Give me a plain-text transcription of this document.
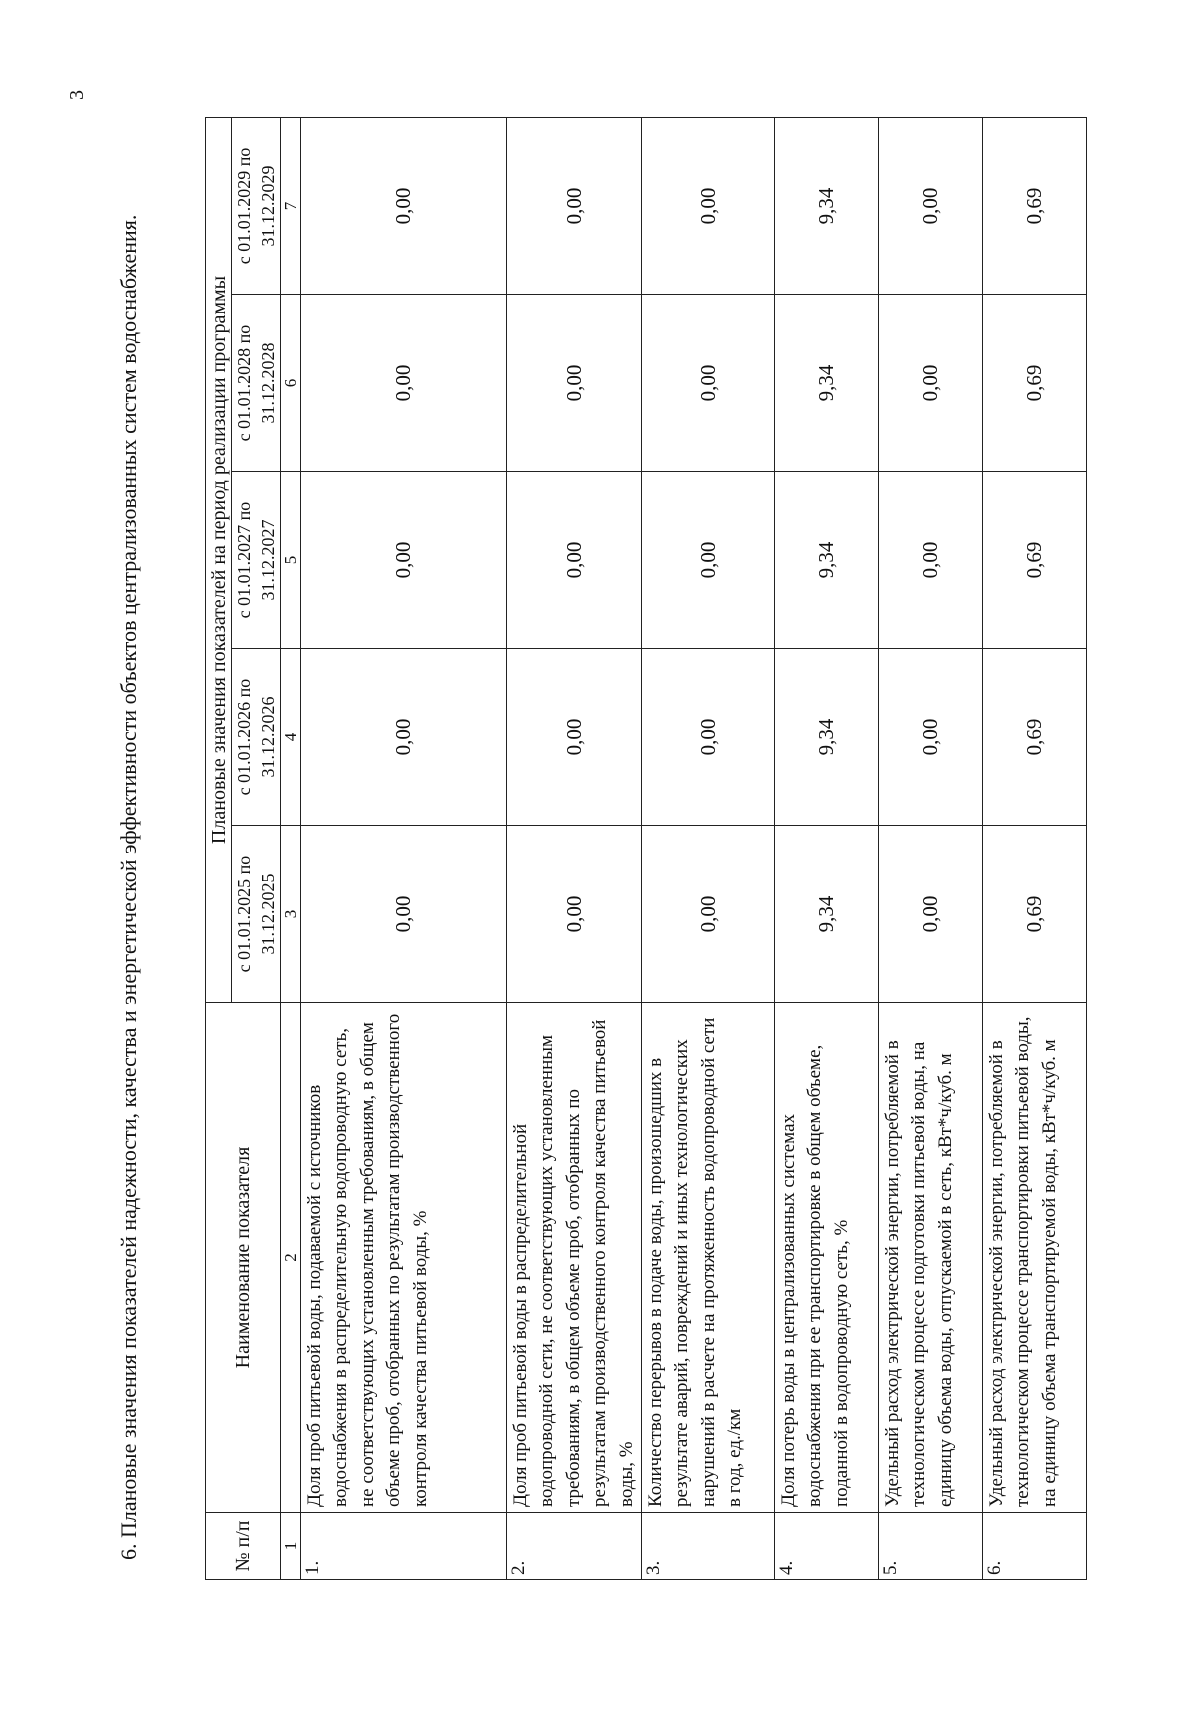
3
6. Плановые значения показателей надежности, качества и энергетической эффективности объектов централизованных систем водоснабжения.	№ п/п	Наименование показателя	Плановые значения показателей на период реализации программы				
		с 01.01.2025 по 31.12.2025	с 01.01.2026 по 31.12.2026	с 01.01.2027 по 31.12.2027	с 01.01.2028 по 31.12.2028	с 01.01.2029 по 31.12.2029
1	2	3	4	5	6	7
1.	Доля проб питьевой воды, подаваемой с источников водоснабжения в распределительную водопроводную сеть, не соответствующих установленным требованиям, в общем объеме проб, отобранных по результатам производственного контроля качества питьевой воды, %	0,00	0,00	0,00	0,00	0,00
2.	Доля проб питьевой воды в распределительной водопроводной сети, не соответствующих установленным требованиям, в общем объеме проб, отобранных по результатам производственного контроля качества питьевой воды, %	0,00	0,00	0,00	0,00	0,00
3.	Количество перерывов в подаче воды, произошедших в результате аварий, повреждений и иных технологических нарушений в расчете на протяженность водопроводной сети в год, ед./км	0,00	0,00	0,00	0,00	0,00
4.	Доля потерь воды в централизованных системах водоснабжения при ее транспортировке в общем объеме, поданной в водопроводную сеть, %	9,34	9,34	9,34	9,34	9,34
5.	Удельный расход электрической энергии, потребляемой в технологическом процессе подготовки питьевой воды, на единицу объема воды, отпускаемой в сеть, кВт*ч/куб. м	0,00	0,00	0,00	0,00	0,00
6.	Удельный расход электрической энергии, потребляемой в технологическом процессе транспортировки питьевой воды, на единицу объема транспортируемой воды, кВт*ч/куб. м	0,69	0,69	0,69	0,69	0,69
